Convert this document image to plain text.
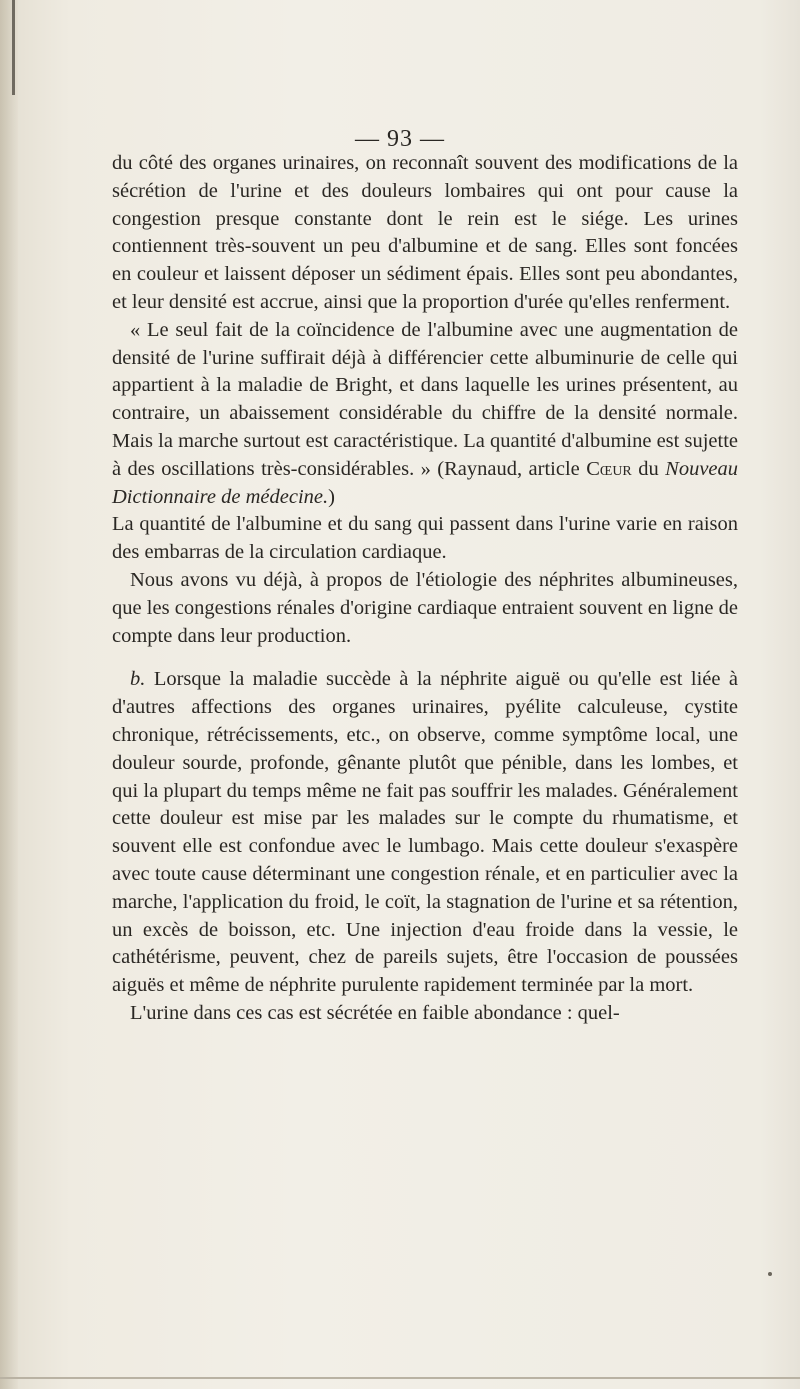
— 93 —

du côté des organes urinaires, on reconnaît souvent des modifications de la sécrétion de l'urine et des douleurs lombaires qui ont pour cause la congestion presque constante dont le rein est le siége. Les urines contiennent très-souvent un peu d'albumine et de sang. Elles sont foncées en couleur et laissent déposer un sédiment épais. Elles sont peu abondantes, et leur densité est accrue, ainsi que la proportion d'urée qu'elles renferment.

« Le seul fait de la coïncidence de l'albumine avec une augmentation de densité de l'urine suffirait déjà à différencier cette albuminurie de celle qui appartient à la maladie de Bright, et dans laquelle les urines présentent, au contraire, un abaissement considérable du chiffre de la densité normale. Mais la marche surtout est caractéristique. La quantité d'albumine est sujette à des oscillations très-considérables. » (Raynaud, article Cœur du Nouveau Dictionnaire de médecine.)

La quantité de l'albumine et du sang qui passent dans l'urine varie en raison des embarras de la circulation cardiaque.

Nous avons vu déjà, à propos de l'étiologie des néphrites albumineuses, que les congestions rénales d'origine cardiaque entraient souvent en ligne de compte dans leur production.

b. Lorsque la maladie succède à la néphrite aiguë ou qu'elle est liée à d'autres affections des organes urinaires, pyélite calculeuse, cystite chronique, rétrécissements, etc., on observe, comme symptôme local, une douleur sourde, profonde, gênante plutôt que pénible, dans les lombes, et qui la plupart du temps même ne fait pas souffrir les malades. Généralement cette douleur est mise par les malades sur le compte du rhumatisme, et souvent elle est confondue avec le lumbago. Mais cette douleur s'exaspère avec toute cause déterminant une congestion rénale, et en particulier avec la marche, l'application du froid, le coït, la stagnation de l'urine et sa rétention, un excès de boisson, etc. Une injection d'eau froide dans la vessie, le cathétérisme, peuvent, chez de pareils sujets, être l'occasion de poussées aiguës et même de néphrite purulente rapidement terminée par la mort.

L'urine dans ces cas est sécrétée en faible abondance : quel-
